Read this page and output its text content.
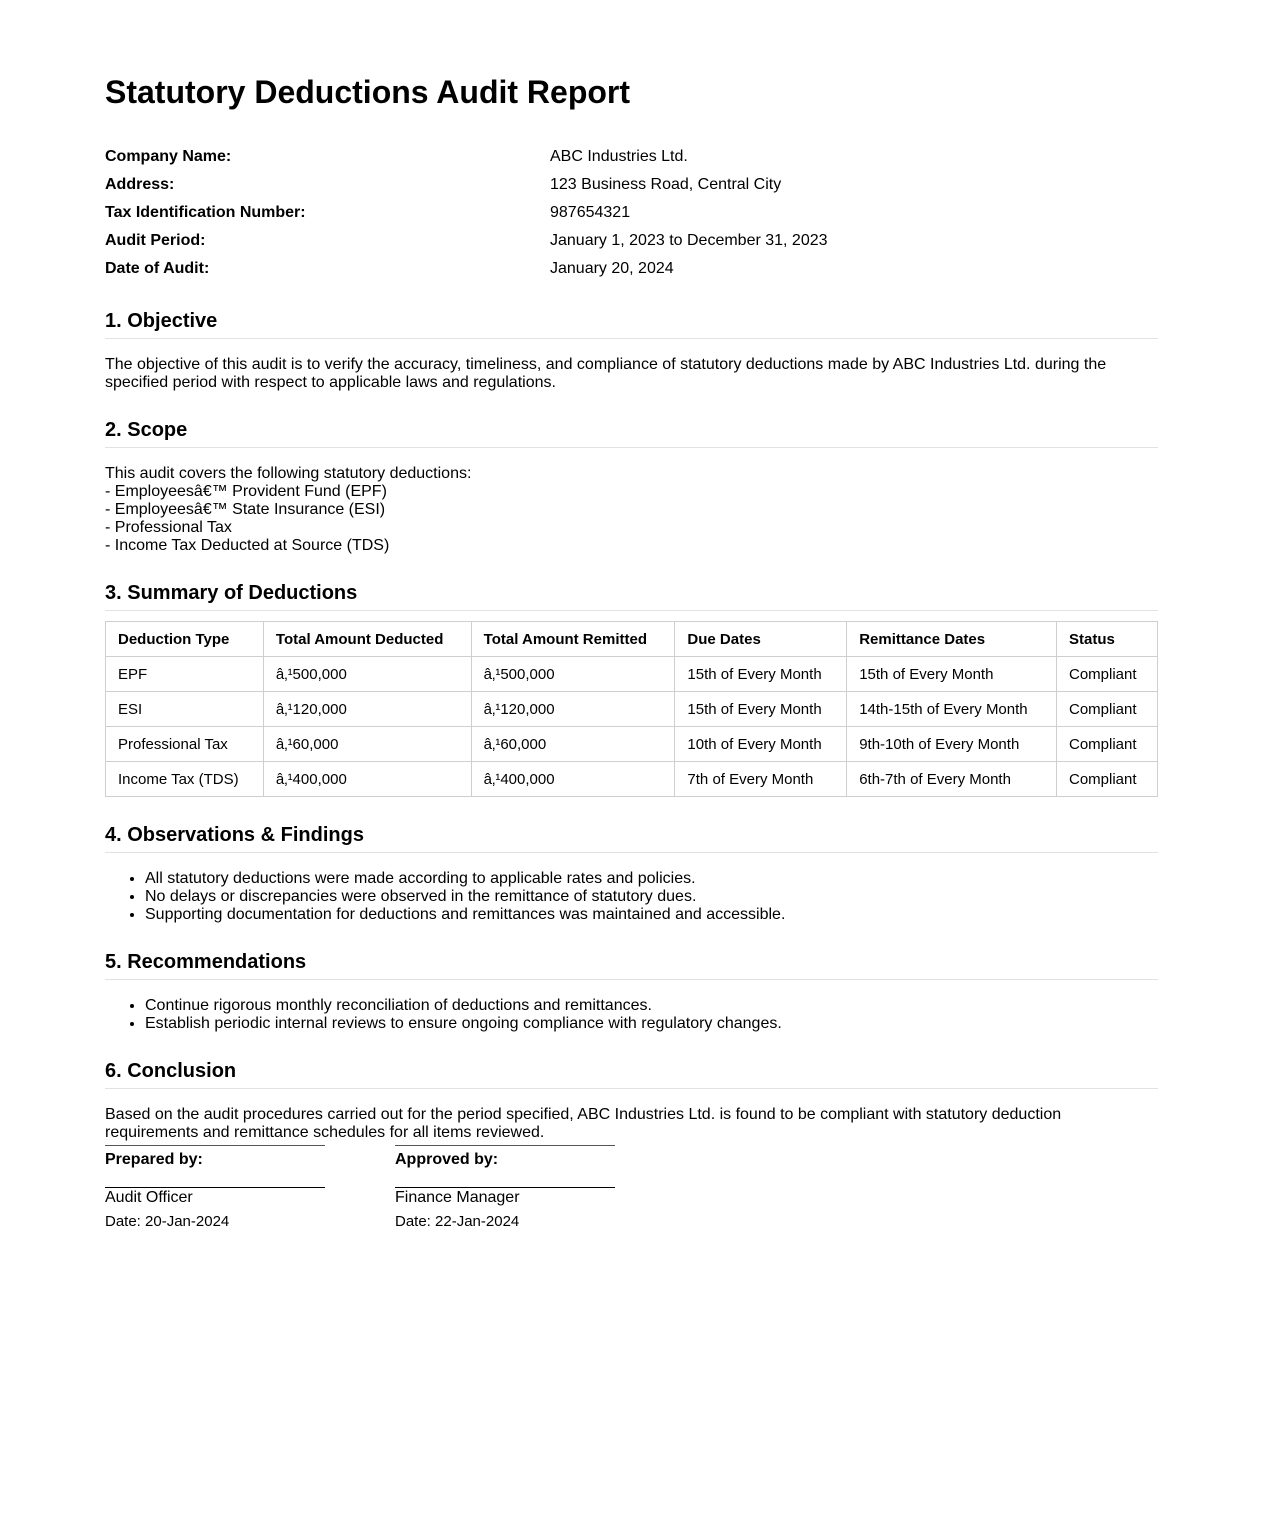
Statutory Deductions Audit Report
Company Name:	ABC Industries Ltd.
Address:	123 Business Road, Central City
Tax Identification Number:	987654321
Audit Period:	January 1, 2023 to December 31, 2023
Date of Audit:	January 20, 2024
1. Objective
The objective of this audit is to verify the accuracy, timeliness, and compliance of statutory deductions made by ABC Industries Ltd. during the specified period with respect to applicable laws and regulations.
2. Scope
This audit covers the following statutory deductions:
- Employeesâ€™ Provident Fund (EPF)
- Employeesâ€™ State Insurance (ESI)
- Professional Tax
- Income Tax Deducted at Source (TDS)
3. Summary of Deductions
Deduction Type	Total Amount Deducted	Total Amount Remitted	Due Dates	Remittance Dates	Status
EPF	â‚¹500,000	â‚¹500,000	15th of Every Month	15th of Every Month	Compliant
ESI	â‚¹120,000	â‚¹120,000	15th of Every Month	14th-15th of Every Month	Compliant
Professional Tax	â‚¹60,000	â‚¹60,000	10th of Every Month	9th-10th of Every Month	Compliant
Income Tax (TDS)	â‚¹400,000	â‚¹400,000	7th of Every Month	6th-7th of Every Month	Compliant
4. Observations & Findings
• All statutory deductions were made according to applicable rates and policies.
• No delays or discrepancies were observed in the remittance of statutory dues.
• Supporting documentation for deductions and remittances was maintained and accessible.
5. Recommendations
• Continue rigorous monthly reconciliation of deductions and remittances.
• Establish periodic internal reviews to ensure ongoing compliance with regulatory changes.
6. Conclusion
Based on the audit procedures carried out for the period specified, ABC Industries Ltd. is found to be compliant with statutory deduction requirements and remittance schedules for all items reviewed.
Prepared by:
Audit Officer
Date: 20-Jan-2024
Approved by:
Finance Manager
Date: 22-Jan-2024
